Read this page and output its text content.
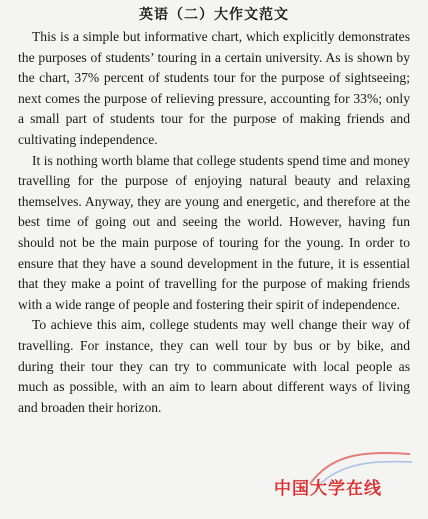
英语（二）大作文范文

This is a simple but informative chart, which explicitly demonstrates the purposes of students’ touring in a certain university. As is shown by the chart, 37% percent of students tour for the purpose of sightseeing; next comes the purpose of relieving pressure, accounting for 33%; only a small part of students tour for the purpose of making friends and cultivating independence.

It is nothing worth blame that college students spend time and money travelling for the purpose of enjoying natural beauty and relaxing themselves. Anyway, they are young and energetic, and therefore at the best time of going out and seeing the world. However, having fun should not be the main purpose of touring for the young. In order to ensure that they have a sound development in the future, it is essential that they make a point of travelling for the purpose of making friends with a wide range of people and fostering their spirit of independence.

To achieve this aim, college students may well change their way of travelling. For instance, they can well tour by bus or by bike, and during their tour they can try to communicate with local people as much as possible, with an aim to learn about different ways of living and broaden their horizon.

中国大学在线
